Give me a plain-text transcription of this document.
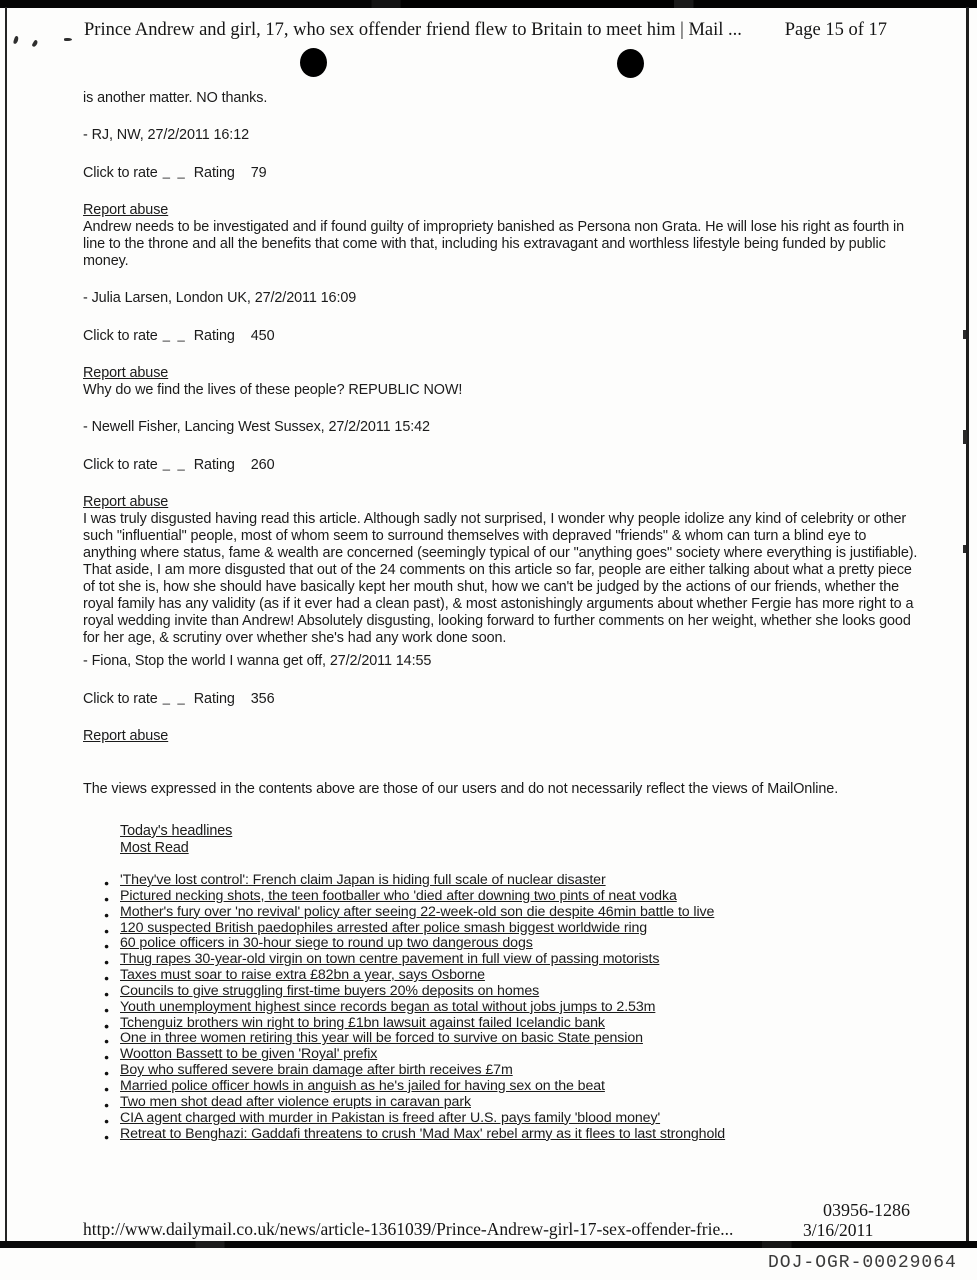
Prince Andrew and girl, 17, who sex offender friend flew to Britain to meet him | Mail ... Page 15 of 17

is another matter. NO thanks.

- RJ, NW, 27/2/2011 16:12

Click to rate _ _ Rating 79

Report abuse

Andrew needs to be investigated and if found guilty of impropriety banished as Persona non Grata. He will lose his right as fourth in line to the throne and all the benefits that come with that, including his extravagant and worthless lifestyle being funded by public money.

- Julia Larsen, London UK, 27/2/2011 16:09

Click to rate _ _ Rating 450

Report abuse

Why do we find the lives of these people? REPUBLIC NOW!

- Newell Fisher, Lancing West Sussex, 27/2/2011 15:42

Click to rate _ _ Rating 260

Report abuse

I was truly disgusted having read this article. Although sadly not surprised, I wonder why people idolize any kind of celebrity or other such "influential" people, most of whom seem to surround themselves with depraved "friends" & whom can turn a blind eye to anything where status, fame & wealth are concerned (seemingly typical of our "anything goes" society where everything is justifiable). That aside, I am more disgusted that out of the 24 comments on this article so far, people are either talking about what a pretty piece of tot she is, how she should have basically kept her mouth shut, how we can't be judged by the actions of our friends, whether the royal family has any validity (as if it ever had a clean past), & most astonishingly arguments about whether Fergie has more right to a royal wedding invite than Andrew! Absolutely disgusting, looking forward to further comments on her weight, whether she looks good for her age, & scrutiny over whether she's had any work done soon.

- Fiona, Stop the world I wanna get off, 27/2/2011 14:55

Click to rate _ _ Rating 356

Report abuse

The views expressed in the contents above are those of our users and do not necessarily reflect the views of MailOnline.

Today's headlines
Most Read
● 'They've lost control': French claim Japan is hiding full scale of nuclear disaster
● Pictured necking shots, the teen footballer who 'died after downing two pints of neat vodka
● Mother's fury over 'no revival' policy after seeing 22-week-old son die despite 46min battle to live
● 120 suspected British paedophiles arrested after police smash biggest worldwide ring
● 60 police officers in 30-hour siege to round up two dangerous dogs
● Thug rapes 30-year-old virgin on town centre pavement in full view of passing motorists
● Taxes must soar to raise extra £82bn a year, says Osborne
● Councils to give struggling first-time buyers 20% deposits on homes
● Youth unemployment highest since records began as total without jobs jumps to 2.53m
● Tchenguiz brothers win right to bring £1bn lawsuit against failed Icelandic bank
● One in three women retiring this year will be forced to survive on basic State pension
● Wootton Bassett to be given 'Royal' prefix
● Boy who suffered severe brain damage after birth receives £7m
● Married police officer howls in anguish as he's jailed for having sex on the beat
● Two men shot dead after violence erupts in caravan park
● CIA agent charged with murder in Pakistan is freed after U.S. pays family 'blood money'
● Retreat to Benghazi: Gaddafi threatens to crush 'Mad Max' rebel army as it flees to last stronghold
03956-1286
http://www.dailymail.co.uk/news/article-1361039/Prince-Andrew-girl-17-sex-offender-frie...	3/16/2011
DOJ-OGR-00029064
